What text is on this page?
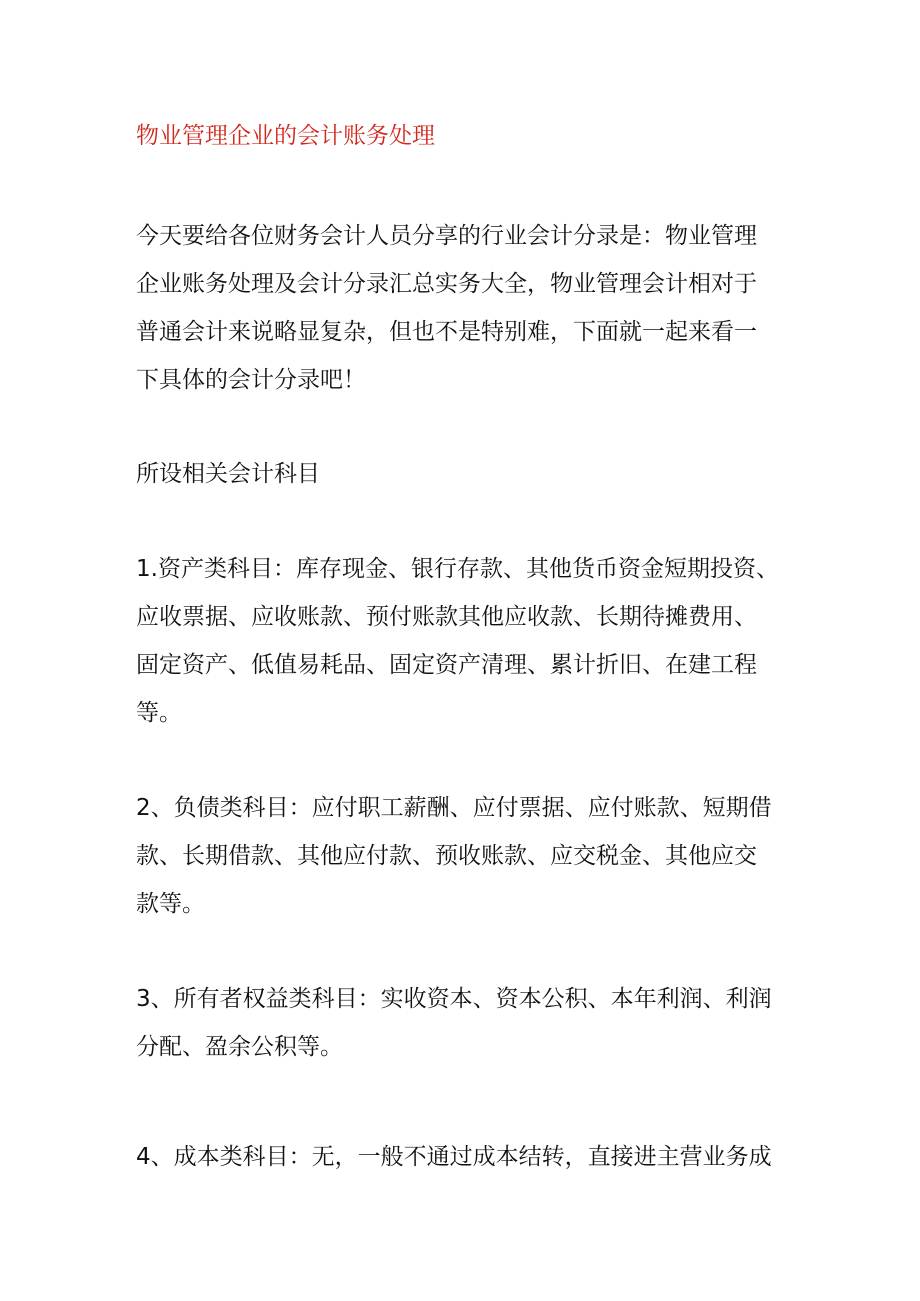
物业管理企业的会计账务处理
今天要给各位财务会计人员分享的行业会计分录是：物业管理
企业账务处理及会计分录汇总实务大全，物业管理会计相对于
普通会计来说略显复杂，但也不是特别难，下面就一起来看一
下具体的会计分录吧！
所设相关会计科目
1.资产类科目：库存现金、银行存款、其他货币资金短期投资、
应收票据、应收账款、预付账款其他应收款、长期待摊费用、
固定资产、低值易耗品、固定资产清理、累计折旧、在建工程
等。
2、负债类科目：应付职工薪酬、应付票据、应付账款、短期借
款、长期借款、其他应付款、预收账款、应交税金、其他应交
款等。
3、所有者权益类科目：实收资本、资本公积、本年利润、利润
分配、盈余公积等。
4、成本类科目：无，一般不通过成本结转，直接进主营业务成
